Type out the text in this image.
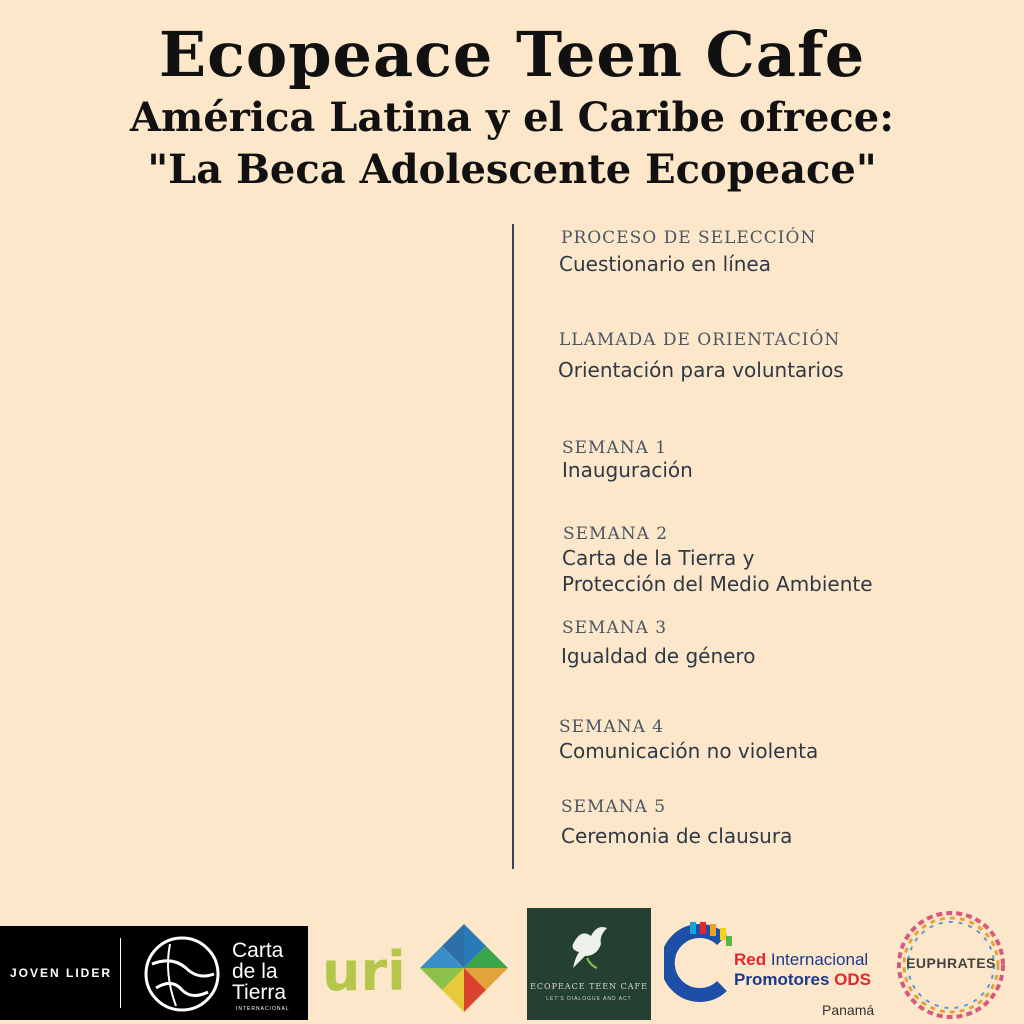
Ecopeace Teen Cafe
América Latina y el Caribe ofrece:
"La Beca Adolescente Ecopeace"
PROCESO DE SELECCIÓN
Cuestionario en línea
LLAMADA DE ORIENTACIÓN
Orientación para voluntarios
SEMANA 1
Inauguración
SEMANA 2
Carta de la Tierra y
Protección del Medio Ambiente
SEMANA 3
Igualdad de género
SEMANA 4
Comunicación no violenta
SEMANA 5
Ceremonia de clausura
JOVEN LIDER
Carta
de la
Tierra
INTERNACIONAL
uri	ECOPEACE TEEN CAFE
LET'S DIALOGUE AND ACT
Red Internacional
Promotores ODS
Panamá
EUPHRATES
